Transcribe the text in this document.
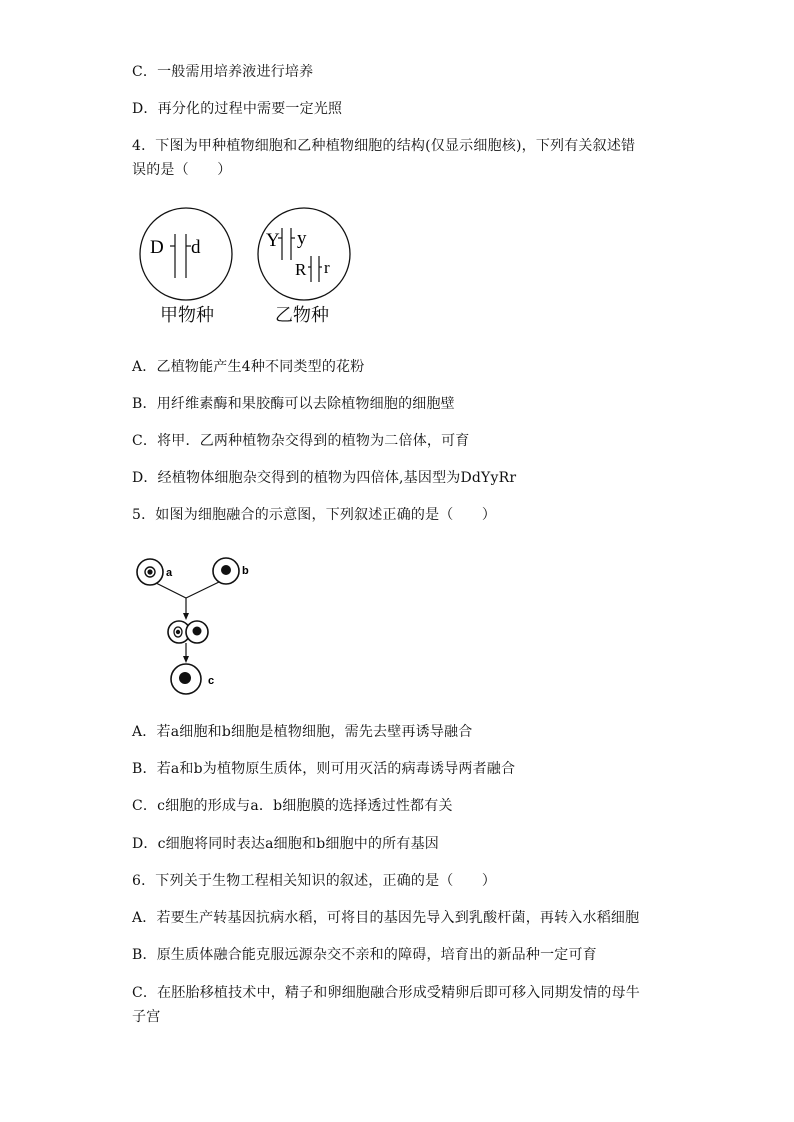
C．一般需用培养液进行培养
D．再分化的过程中需要一定光照
4．下图为甲种植物细胞和乙种植物细胞的结构(仅显示细胞核)，下列有关叙述错
误的是（　　）
D d	Y y
R r
甲物种	乙物种
A．乙植物能产生4种不同类型的花粉
B．用纤维素酶和果胶酶可以去除植物细胞的细胞壁
C．将甲．乙两种植物杂交得到的植物为二倍体，可育
D．经植物体细胞杂交得到的植物为四倍体,基因型为DdYyRr
5．如图为细胞融合的示意图，下列叙述正确的是（　　）
a	b
c
A．若a细胞和b细胞是植物细胞，需先去壁再诱导融合
B．若a和b为植物原生质体，则可用灭活的病毒诱导两者融合
C．c细胞的形成与a．b细胞膜的选择透过性都有关
D．c细胞将同时表达a细胞和b细胞中的所有基因
6．下列关于生物工程相关知识的叙述，正确的是（　　）
A．若要生产转基因抗病水稻，可将目的基因先导入到乳酸杆菌，再转入水稻细胞
B．原生质体融合能克服远源杂交不亲和的障碍，培育出的新品种一定可育
C．在胚胎移植技术中，精子和卵细胞融合形成受精卵后即可移入同期发情的母牛
子宫
